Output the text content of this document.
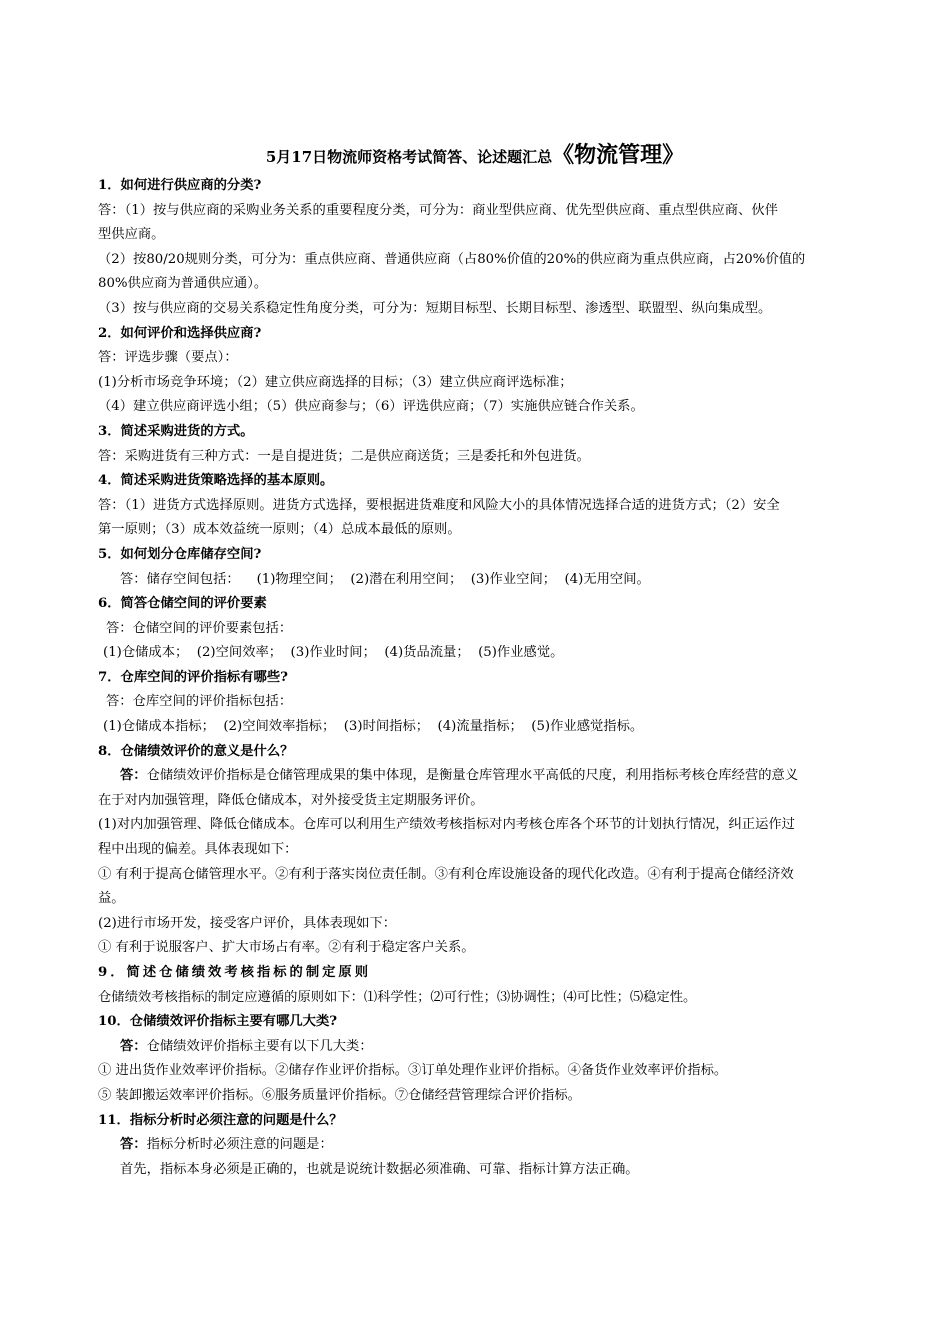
5月17日物流师资格考试简答、论述题汇总《物流管理》
1．如何进行供应商的分类?
答：（1）按与供应商的采购业务关系的重要程度分类，可分为：商业型供应商、优先型供应商、重点型供应商、伙伴
型供应商。
（2）按80/20规则分类，可分为：重点供应商、普通供应商（占80%价值的20%的供应商为重点供应商，占20%价值的
80%供应商为普通供应通）。
（3）按与供应商的交易关系稳定性角度分类，可分为：短期目标型、长期目标型、渗透型、联盟型、纵向集成型。
2．如何评价和选择供应商?
答：评选步骤（要点）：
(1)分析市场竞争环境；（2）建立供应商选择的目标；（3）建立供应商评选标准；
（4）建立供应商评选小组；（5）供应商参与；（6）评选供应商；（7）实施供应链合作关系。
3．简述采购进货的方式。
答：采购进货有三种方式：一是自提进货；二是供应商送货；三是委托和外包进货。
4．简述采购进货策略选择的基本原则。
答：（1）进货方式选择原则。进货方式选择，要根据进货难度和风险大小的具体情况选择合适的进货方式；（2）安全
第一原则；（3）成本效益统一原则；（4）总成本最低的原则。
5．如何划分仓库储存空间?
答：储存空间包括：    (1)物理空间；  (2)潜在利用空间；  (3)作业空间；  (4)无用空间。
6．简答仓储空间的评价要素
答：仓储空间的评价要素包括：
(1)仓储成本；  (2)空间效率；  (3)作业时间；  (4)货品流量；  (5)作业感觉。
7．仓库空间的评价指标有哪些?
答：仓库空间的评价指标包括：
(1)仓储成本指标；  (2)空间效率指标；  (3)时间指标；  (4)流量指标；  (5)作业感觉指标。
8．仓储绩效评价的意义是什么？
答：仓储绩效评价指标是仓储管理成果的集中体现，是衡量仓库管理水平高低的尺度，利用指标考核仓库经营的意义
在于对内加强管理，降低仓储成本，对外接受货主定期服务评价。
(1)对内加强管理、降低仓储成本。仓库可以利用生产绩效考核指标对内考核仓库各个环节的计划执行情况，纠正运作过
程中出现的偏差。具体表现如下：
① 有利于提高仓储管理水平。②有利于落实岗位责任制。③有利仓库设施设备的现代化改造。④有利于提高仓储经济效
益。
(2)进行市场开发，接受客户评价，具体表现如下：
① 有利于说服客户、扩大市场占有率。②有利于稳定客户关系。
9．简述仓储绩效考核指标的制定原则
仓储绩效考核指标的制定应遵循的原则如下：⑴科学性；⑵可行性；⑶协调性；⑷可比性；⑸稳定性。
10．仓储绩效评价指标主要有哪几大类?
答：仓储绩效评价指标主要有以下几大类：
① 进出货作业效率评价指标。②储存作业评价指标。③订单处理作业评价指标。④备货作业效率评价指标。
⑤ 装卸搬运效率评价指标。⑥服务质量评价指标。⑦仓储经营管理综合评价指标。
11．指标分析时必须注意的问题是什么？
答：指标分析时必须注意的问题是：
首先，指标本身必须是正确的，也就是说统计数据必须准确、可靠、指标计算方法正确。
